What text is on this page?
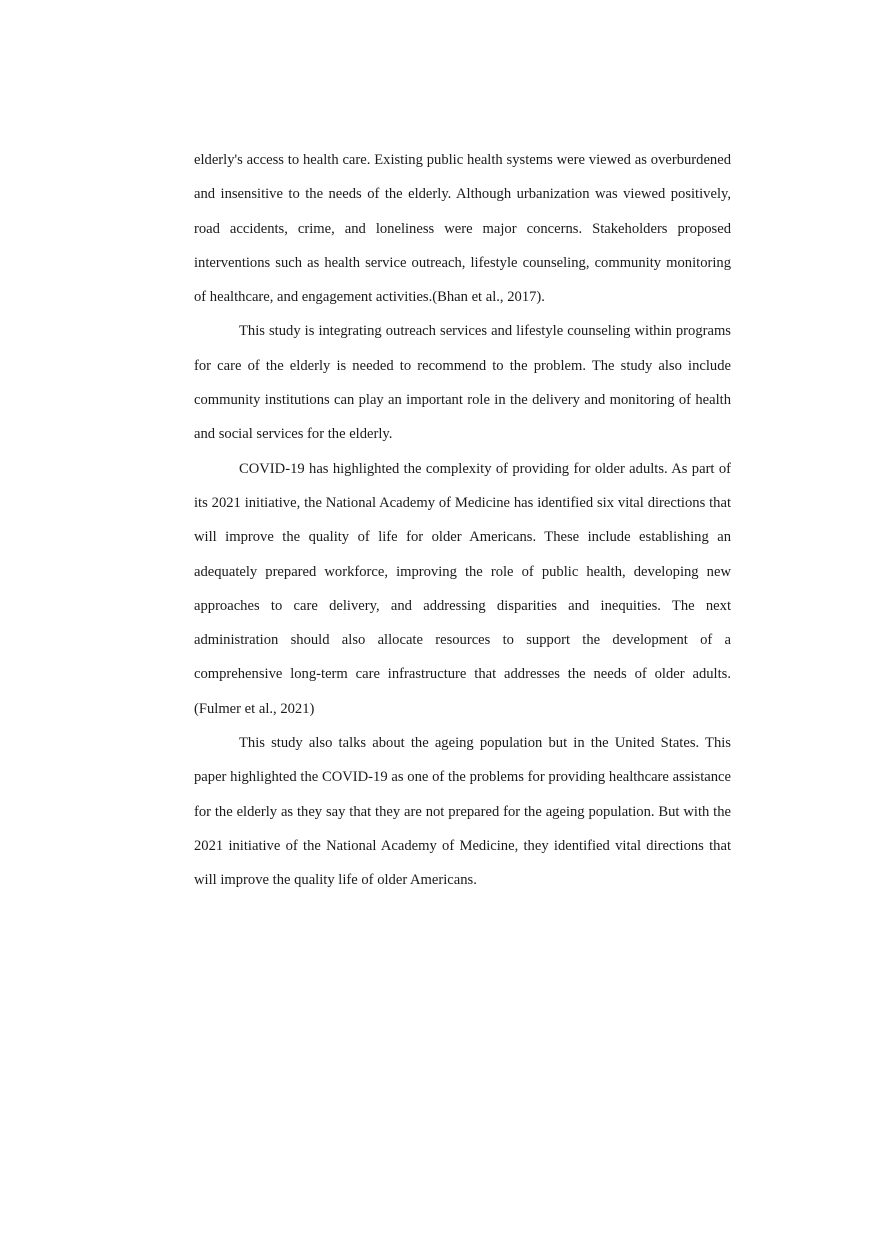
elderly's access to health care. Existing public health systems were viewed as overburdened and insensitive to the needs of the elderly. Although urbanization was viewed positively, road accidents, crime, and loneliness were major concerns. Stakeholders proposed interventions such as health service outreach, lifestyle counseling, community monitoring of healthcare, and engagement activities.(Bhan et al., 2017).

This study is integrating outreach services and lifestyle counseling within programs for care of the elderly is needed to recommend to the problem. The study also include community institutions can play an important role in the delivery and monitoring of health and social services for the elderly.

COVID-19 has highlighted the complexity of providing for older adults. As part of its 2021 initiative, the National Academy of Medicine has identified six vital directions that will improve the quality of life for older Americans. These include establishing an adequately prepared workforce, improving the role of public health, developing new approaches to care delivery, and addressing disparities and inequities. The next administration should also allocate resources to support the development of a comprehensive long-term care infrastructure that addresses the needs of older adults. (Fulmer et al., 2021)

This study also talks about the ageing population but in the United States. This paper highlighted the COVID-19 as one of the problems for providing healthcare assistance for the elderly as they say that they are not prepared for the ageing population. But with the 2021 initiative of the National Academy of Medicine, they identified vital directions that will improve the quality life of older Americans.
